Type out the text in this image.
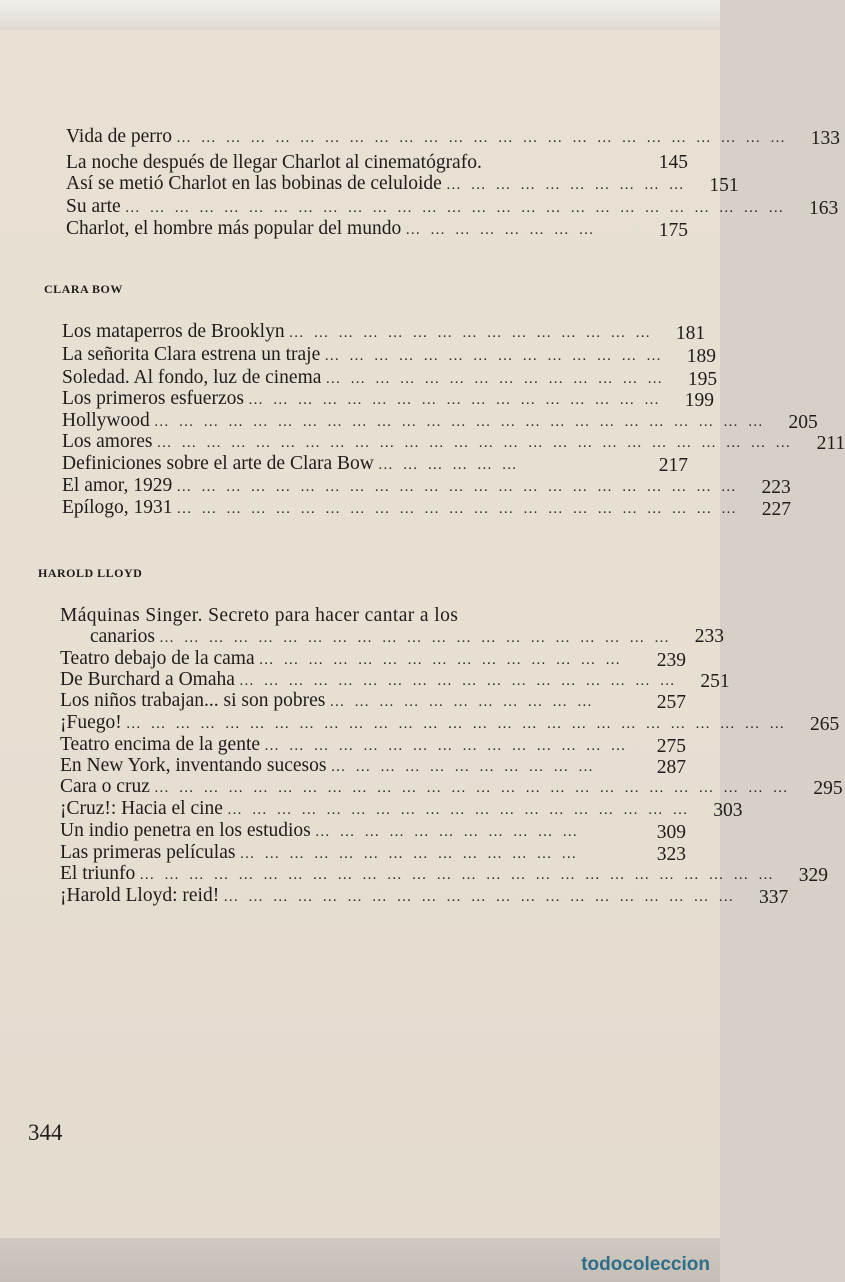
Vida de perro … … … … … … … … … … … … … … … … … … … … … … … … …	133
La noche después de llegar Charlot al cinematógrafo.	145
Así se metió Charlot en las bobinas de celuloide … … … … … … … … … …	151
Su arte … … … … … … … … … … … … … … … … … … … … … … … … … … …	163
Charlot, el hombre más popular del mundo … … … … … … … …	175
CLARA BOW
Los mataperros de Brooklyn … … … … … … … … … … … … … … …	181
La señorita Clara estrena un traje … … … … … … … … … … … … … …	189
Soledad. Al fondo, luz de cinema … … … … … … … … … … … … … …	195
Los primeros esfuerzos … … … … … … … … … … … … … … … … …	199
Hollywood … … … … … … … … … … … … … … … … … … … … … … … … …	205
Los amores … … … … … … … … … … … … … … … … … … … … … … … … … …	211
Definiciones sobre el arte de Clara Bow … … … … … …	217
El amor, 1929 … … … … … … … … … … … … … … … … … … … … … … …	223
Epílogo, 1931 … … … … … … … … … … … … … … … … … … … … … … …	227
HAROLD LLOYD
Máquinas Singer. Secreto para hacer cantar a los
canarios … … … … … … … … … … … … … … … … … … … … …	233
Teatro debajo de la cama … … … … … … … … … … … … … … …	239
De Burchard a Omaha … … … … … … … … … … … … … … … … … …	251
Los niños trabajan... si son pobres … … … … … … … … … … …	257
¡Fuego! … … … … … … … … … … … … … … … … … … … … … … … … … … …	265
Teatro encima de la gente … … … … … … … … … … … … … … …	275
En New York, inventando sucesos … … … … … … … … … … …	287
Cara o cruz … … … … … … … … … … … … … … … … … … … … … … … … … …	295
¡Cruz!: Hacia el cine … … … … … … … … … … … … … … … … … … …	303
Un indio penetra en los estudios … … … … … … … … … … …	309
Las primeras películas … … … … … … … … … … … … … …	323
El triunfo … … … … … … … … … … … … … … … … … … … … … … … … … …	329
¡Harold Lloyd: reid! … … … … … … … … … … … … … … … … … … … … …	337
344
todocoleccion
